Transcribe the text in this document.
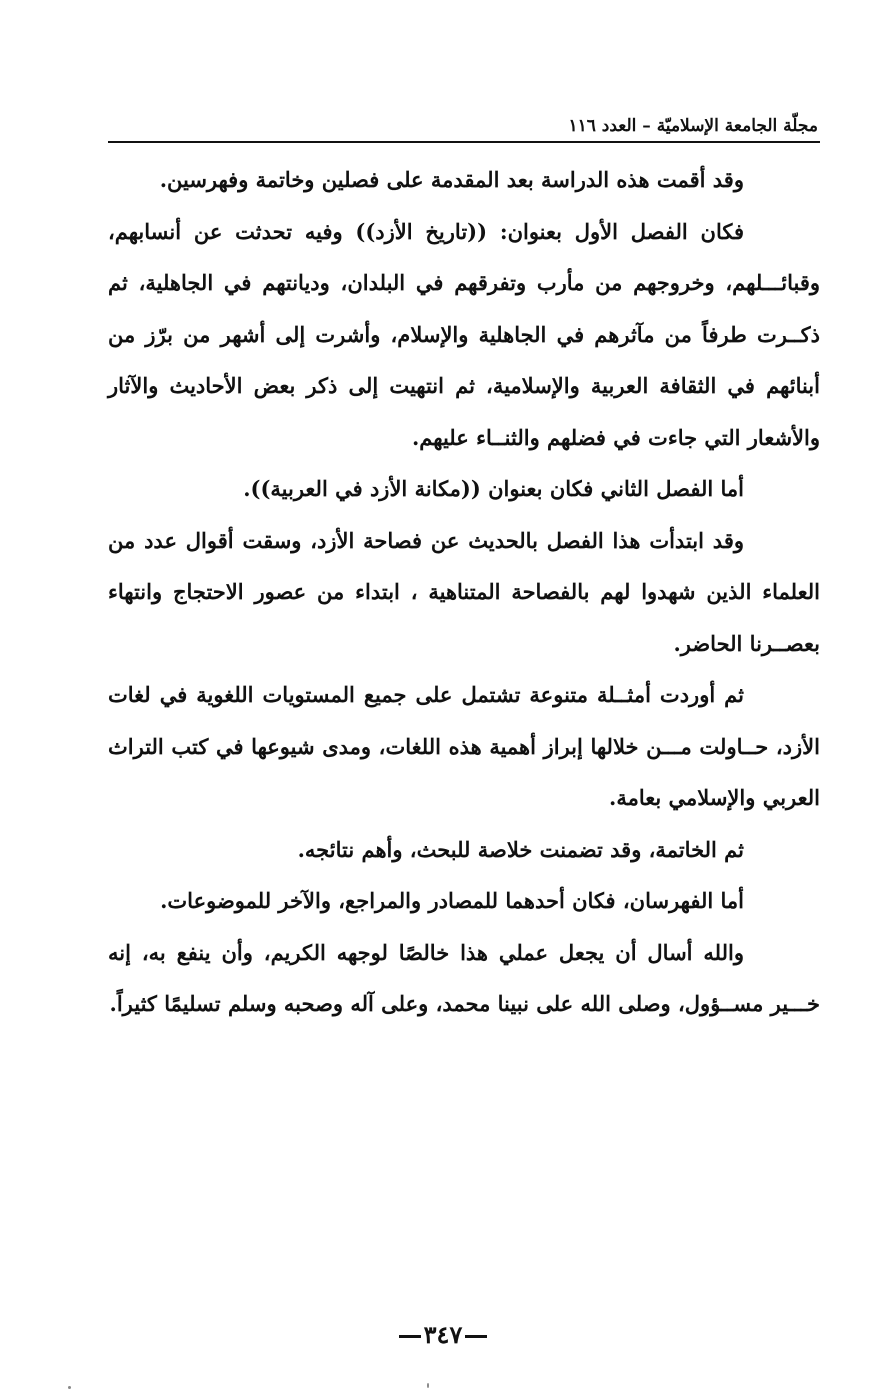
مجلّة الجامعة الإسلاميّة – العدد ١١٦

وقد أقمت هذه الدراسة بعد المقدمة على فصلين وخاتمة وفهرسين.

فكان الفصل الأول بعنوان: ((تاريخ الأزد)) وفيه تحدثت عن أنسابهم، وقبائـــلهم، وخروجهم من مأرب وتفرقهم في البلدان، وديانتهم في الجاهلية، ثم ذكــرت طرفاً من مآثرهم في الجاهلية والإسلام، وأشرت إلى أشهر من برّز من أبنائهم في الثقافة العربية والإسلامية، ثم انتهيت إلى ذكر بعض الأحاديث والآثار والأشعار التي جاءت في فضلهم والثنــاء عليهم.

أما الفصل الثاني فكان بعنوان ((مكانة الأزد في العربية)).

وقد ابتدأت هذا الفصل بالحديث عن فصاحة الأزد، وسقت أقوال عدد من العلماء الذين شهدوا لهم بالفصاحة المتناهية ، ابتداء من عصور الاحتجاج وانتهاء بعصــرنا الحاضر.

ثم أوردت أمثــلة متنوعة تشتمل على جميع المستويات اللغوية في لغات الأزد، حــاولت مـــن خلالها إبراز أهمية هذه اللغات، ومدى شيوعها في كتب التراث العربي والإسلامي بعامة.

ثم الخاتمة، وقد تضمنت خلاصة للبحث، وأهم نتائجه.

أما الفهرسان، فكان أحدهما للمصادر والمراجع، والآخر للموضوعات.

والله أسال أن يجعل عملي هذا خالصًا لوجهه الكريم، وأن ينفع به، إنه خـــير مســؤول، وصلى الله على نبينا محمد، وعلى آله وصحبه وسلم تسليمًا كثيراً.

٣٤٧
